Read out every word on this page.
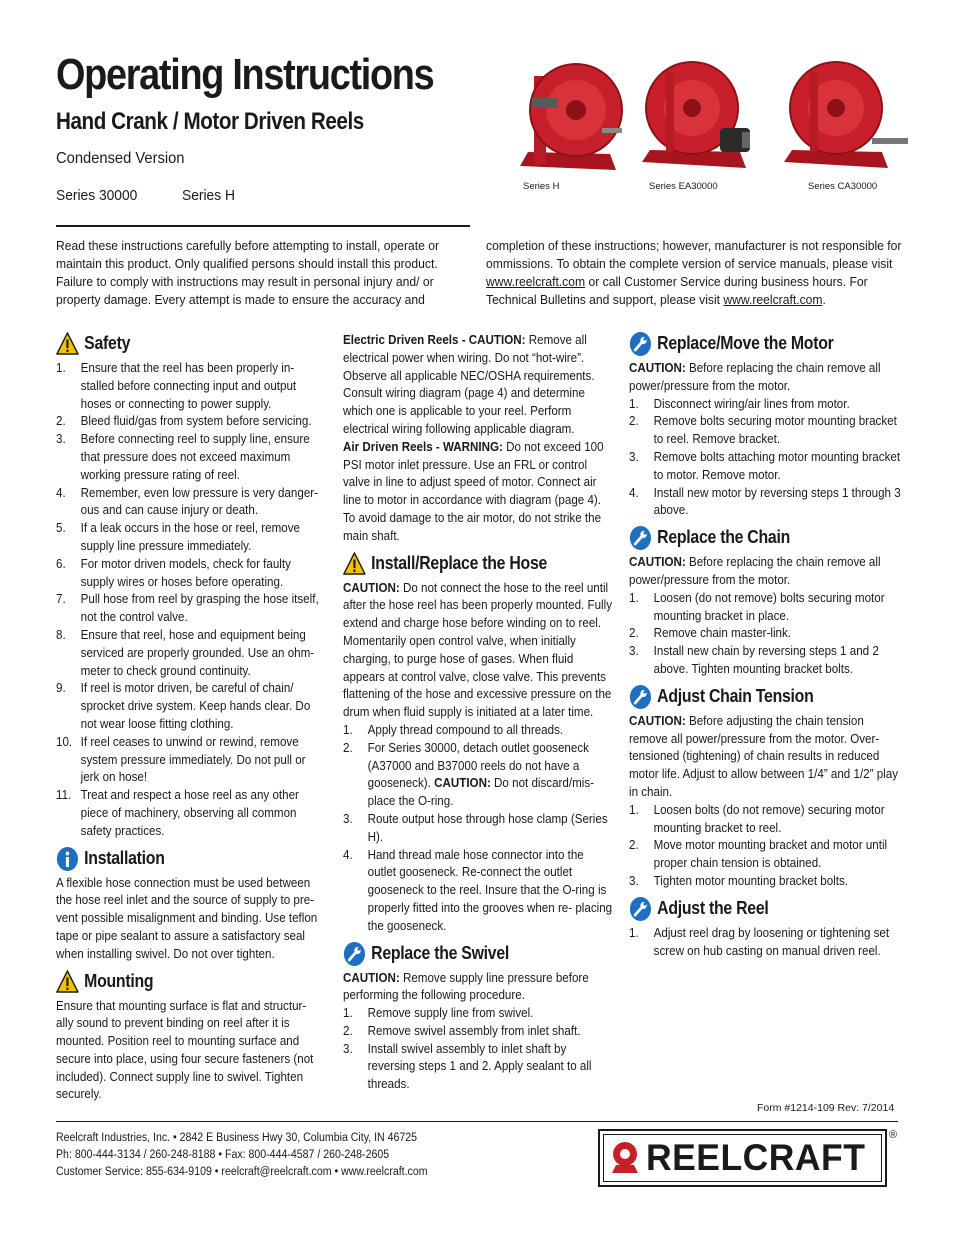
Operating Instructions
Hand Crank / Motor Driven Reels
Condensed Version
Series 30000	Series H
Series H	Series EA30000	Series CA30000
Read these instructions carefully before attempting to install, operate or maintain this product. Only qualified persons should install this product. Failure to comply with instructions may result in personal injury and/ or property damage. Every attempt is made to ensure the accuracy and
completion of these instructions; however, manufacturer is not responsible for ommissions. To obtain the complete version of service manuals, please visit www.reelcraft.com or call Customer Service during business hours. For Technical Bulletins and support, please visit www.reelcraft.com.
Safety
1.	Ensure that the reel has been properly in- stalled before connecting input and output hoses or connecting to power supply.
2.	Bleed fluid/gas from system before servicing.
3.	Before connecting reel to supply line, ensure that pressure does not exceed maximum working pressure rating of reel.
4.	Remember, even low pressure is very danger- ous and can cause injury or death.
5.	If a leak occurs in the hose or reel, remove supply line pressure immediately.
6.	For motor driven models, check for faulty supply wires or hoses before operating.
7.	Pull hose from reel by grasping the hose itself, not the control valve.
8.	Ensure that reel, hose and equipment being serviced are properly grounded. Use an ohm- meter to check ground continuity.
9.	If reel is motor driven, be careful of chain/ sprocket drive system. Keep hands clear. Do not wear loose fitting clothing.
10. If reel ceases to unwind or rewind, remove system pressure immediately. Do not pull or jerk on hose!
11. Treat and respect a hose reel as any other piece of machinery, observing all common safety practices.
Installation

A flexible hose connection must be used between the hose reel inlet and the source of supply to pre- vent possible misalignment and binding. Use teflon tape or pipe sealant to assure a satisfactory seal when installing swivel. Do not over tighten.

Mounting

Ensure that mounting surface is flat and structur- ally sound to prevent binding on reel after it is mounted. Position reel to mounting surface and secure into place, using four secure fasteners (not included). Connect supply line to swivel. Tighten securely.

Electric Driven Reels - CAUTION: Remove all electrical power when wiring. Do not “hot-wire”. Observe all applicable NEC/OSHA requirements. Consult wiring diagram (page 4) and determine which one is applicable to your reel. Perform electrical wiring following applicable diagram.

Air Driven Reels - WARNING: Do not exceed 100 PSI motor inlet pressure. Use an FRL or control valve in line to adjust speed of motor. Connect air line to motor in accordance with diagram (page 4). To avoid damage to the air motor, do not strike the main shaft.

Install/Replace the Hose

CAUTION: Do not connect the hose to the reel until after the hose reel has been properly mounted. Fully extend and charge hose before winding on to reel. Momentarily open control valve, when initially charging, to purge hose of gases. When fluid appears at control valve, close valve. This prevents flattening of the hose and excessive pressure on the drum when fluid supply is initiated at a later time.

1.	Apply thread compound to all threads.
2.	For Series 30000, detach outlet gooseneck (A37000 and B37000 reels do not have a gooseneck). CAUTION: Do not discard/mis- place the O-ring.
3.	Route output hose through hose clamp (Series H).
4.	Hand thread male hose connector into the outlet gooseneck. Re-connect the outlet gooseneck to the reel. Insure that the O-ring is properly fitted into the grooves when re- placing the gooseneck.
Replace the Swivel

CAUTION: Remove supply line pressure before performing the following procedure.

1.	Remove supply line from swivel.
2.	Remove swivel assembly from inlet shaft.
3.	Install swivel assembly to inlet shaft by reversing steps 1 and 2. Apply sealant to all threads.
Replace/Move the Motor

CAUTION: Before replacing the chain remove all power/pressure from the motor.

1.	Disconnect wiring/air lines from motor.
2.	Remove bolts securing motor mounting bracket to reel. Remove bracket.
3.	Remove bolts attaching motor mounting bracket to motor. Remove motor.
4.	Install new motor by reversing steps 1 through 3 above.
Replace the Chain

CAUTION: Before replacing the chain remove all power/pressure from the motor.

1.	Loosen (do not remove) bolts securing motor mounting bracket in place.
2.	Remove chain master-link.
3.	Install new chain by reversing steps 1 and 2 above. Tighten mounting bracket bolts.
Adjust Chain Tension

CAUTION: Before adjusting the chain tension remove all power/pressure from the motor. Over-tensioned (tightening) of chain results in reduced motor life. Adjust to allow between 1/4” and 1/2” play in chain.

1.	Loosen bolts (do not remove) securing motor mounting bracket to reel.
2.	Move motor mounting bracket and motor until proper chain tension is obtained.
3.	Tighten motor mounting bracket bolts.
Adjust the Reel
1.	Adjust reel drag by loosening or tightening set screw on hub casting on manual driven reel.
Form #1214-109 Rev: 7/2014
Reelcraft Industries, Inc. • 2842 E Business Hwy 30, Columbia City, IN 46725
Ph: 800-444-3134 / 260-248-8188 • Fax: 800-444-4587 / 260-248-2605
Customer Service: 855-634-9109 • reelcraft@reelcraft.com • www.reelcraft.com	REELCRAFT
®
